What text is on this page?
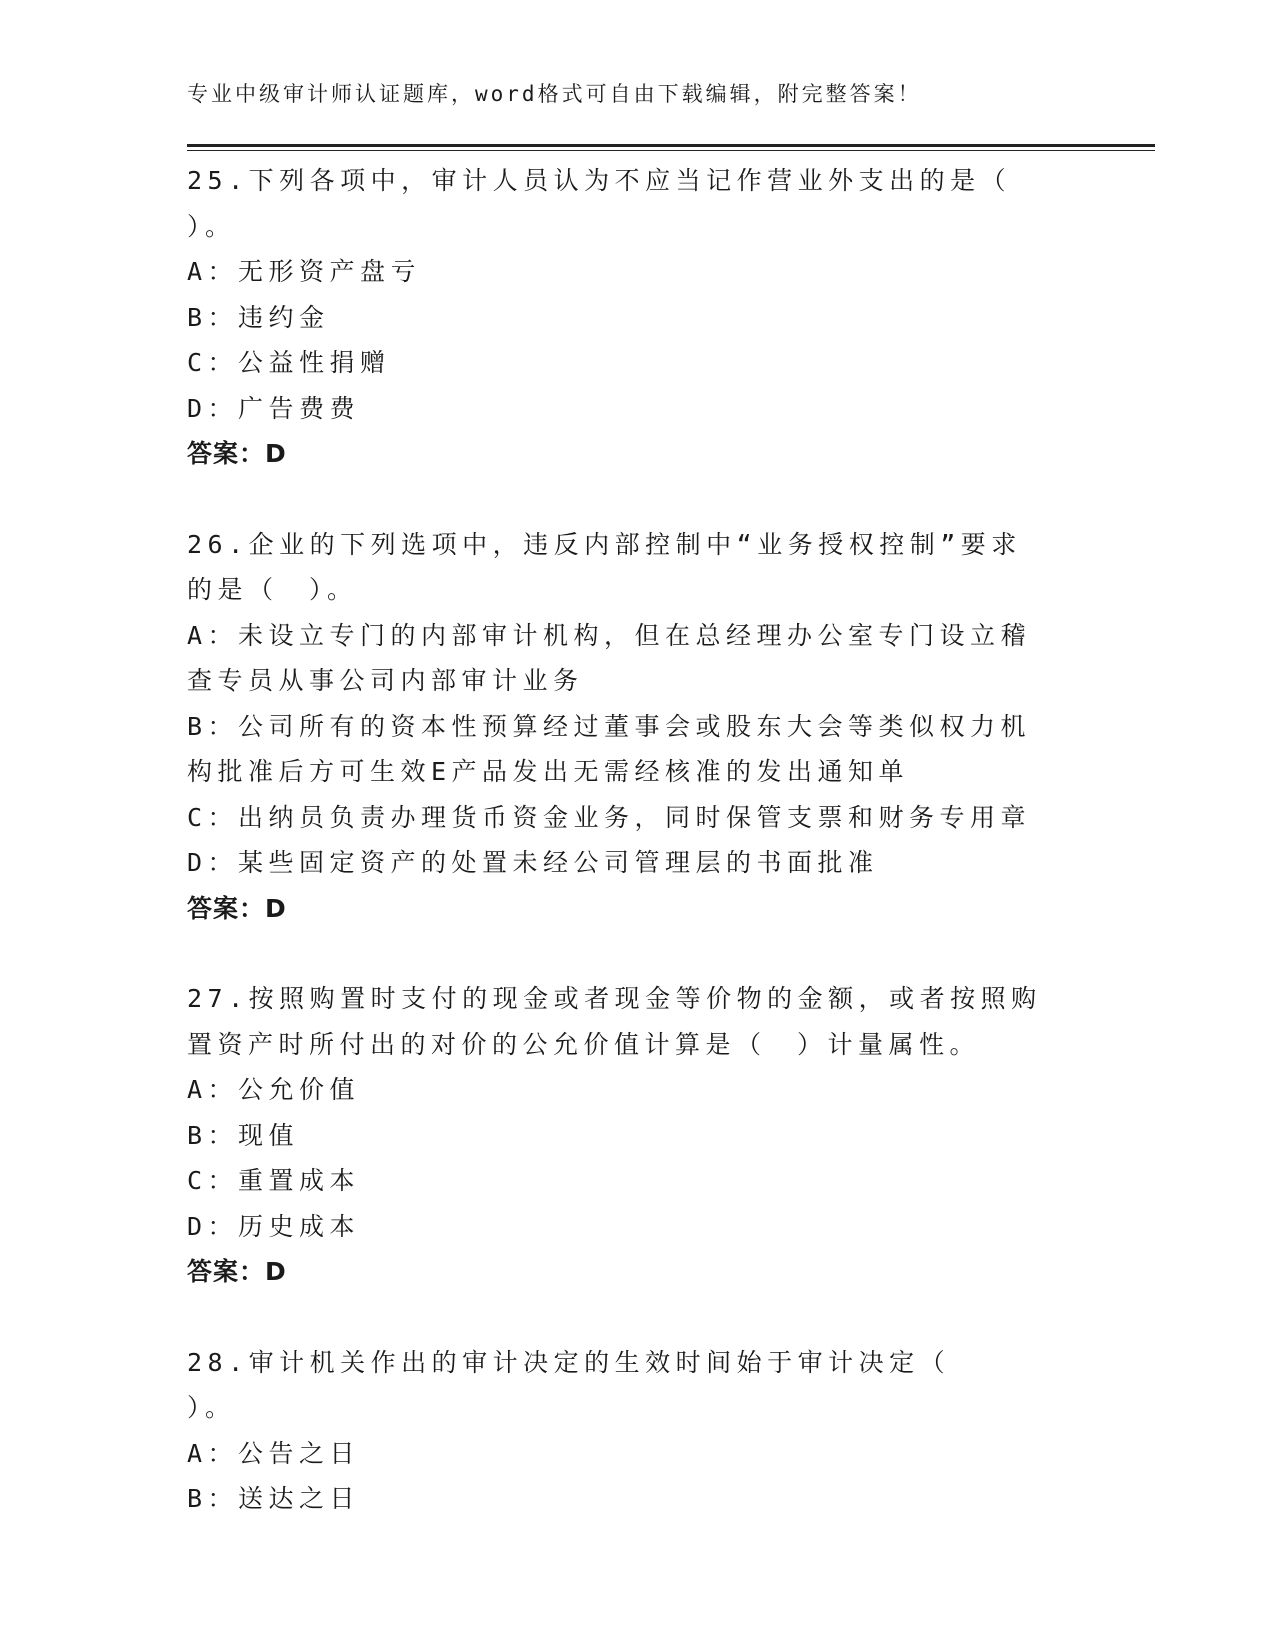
专业中级审计师认证题库，word格式可自由下载编辑，附完整答案！
25.下列各项中，审计人员认为不应当记作营业外支出的是（　　）。
A：无形资产盘亏
B：违约金
C：公益性捐赠
D：广告费费
答案：D
26.企业的下列选项中，违反内部控制中“业务授权控制”要求的是（　）。
A：未设立专门的内部审计机构，但在总经理办公室专门设立稽查专员从事公司内部审计业务
B：公司所有的资本性预算经过董事会或股东大会等类似权力机构批准后方可生效E产品发出无需经核准的发出通知单
C：出纳员负责办理货币资金业务，同时保管支票和财务专用章
D：某些固定资产的处置未经公司管理层的书面批准
答案：D
27.按照购置时支付的现金或者现金等价物的金额，或者按照购置资产时所付出的对价的公允价值计算是（　）计量属性。
A：公允价值
B：现值
C：重置成本
D：历史成本
答案：D
28.审计机关作出的审计决定的生效时间始于审计决定（　　）。
A：公告之日
B：送达之日
